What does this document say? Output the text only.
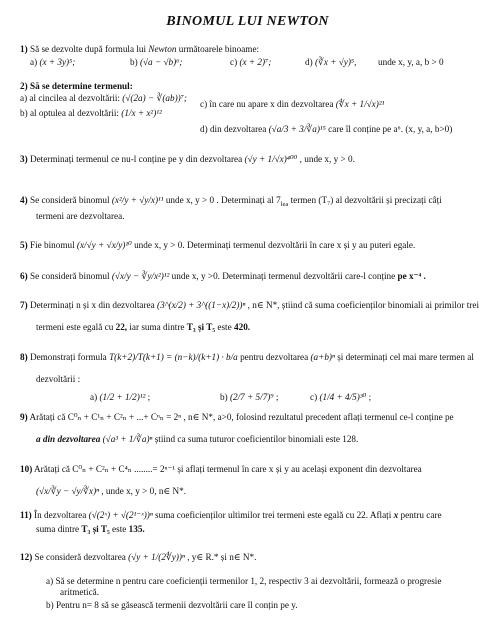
BINOMUL LUI NEWTON
1) Să se dezvolte după formula lui Newton următoarele binoame:
a) (x + 3y)⁵;	b) (√a − √b)⁶;	c) (x + 2)⁷;	d) (∛x + √y)⁵, unde x, y, a, b > 0
2) Să se determine termenul:
a) al cincilea al dezvoltării: (√(2a) − ∛(ab))⁷;
b) al optulea al dezvoltării: (1/x + x²)¹²
c) în care nu apare x din dezvoltarea (∜x + 1/√x)²¹
d) din dezvoltarea (√a/3 + 3/∛a)¹⁵ care îl conține pe a⁶. (x, y, a, b>0)
3) Determinați termenul ce nu-l conține pe y din dezvoltarea (√y + 1/√x)⁴⁰⁰ , unde x, y > 0.
4) Se consideră binomul (x²/y + √y/x)¹¹ unde x, y > 0 . Determinați al $7_{lea}$ termen (T₇) al dezvoltării și precizați câți
termeni are dezvoltarea.
5) Fie binomul (x/√y + √x/y)¹⁰ unde x, y > 0. Determinați termenul dezvoltării în care x și y au puteri egale.
6) Se consideră binomul (√x/y − ∛y/x²)¹² unde x, y >0. Determinați termenul dezvoltării care-l conține pe x⁻⁴ .
7) Determinați n și x din dezvoltarea (3^(x/2) + 3^((1−x)/2))ⁿ , n∈ N*, știind că suma coeficienților binomiali ai primilor trei
termeni este egală cu 22, iar suma dintre T₃ și T₅ este 420.
8) Demonstrați formula T(k+2)/T(k+1) = (n−k)/(k+1) · b/a pentru dezvoltarea (a+b)ⁿ și determinați cel mai mare termen al
dezvoltării :
a) (1/2 + 1/2)¹² ;	b) (2/7 + 5/7)⁹ ;	c) (1/4 + 4/5)³⁰ ;
9) Arătați că C⁰ₙ + C¹ₙ + C²ₙ + ...+ Cⁿₙ = 2ⁿ , n∈ N*, a>0, folosind rezultatul precedent aflați termenul ce-l conține pe
a din dezvoltarea (√a³ + 1/∛a)ⁿ știind ca suma tuturor coeficientilor binomiali este 128.
10) Arătați că C⁰ₙ + C²ₙ + C⁴ₙ ........= 2ⁿ⁻¹ și aflați termenul în care x și y au același exponent din dezvoltarea
(√x/∛y − √y/∛x)ⁿ , unde x, y > 0, n∈ N*.
11) În dezvoltarea (√(2ˣ) + √(2¹⁻ˣ))ⁿ suma coeficienților ultimilor trei termeni este egală cu 22. Aflați x pentru care
suma dintre T₃ și T₅ este 135.
12) Se consideră dezvoltarea (√y + 1/(2∜y))ⁿ , y∈ R.* și n∈ N*.
a) Să se determine n pentru care coeficienții termenilor 1, 2, respectiv 3 ai dezvoltării, formează o progresie
aritmetică.
b) Pentru n= 8 să se găsească termenii dezvoltării care îl conțin pe y.
